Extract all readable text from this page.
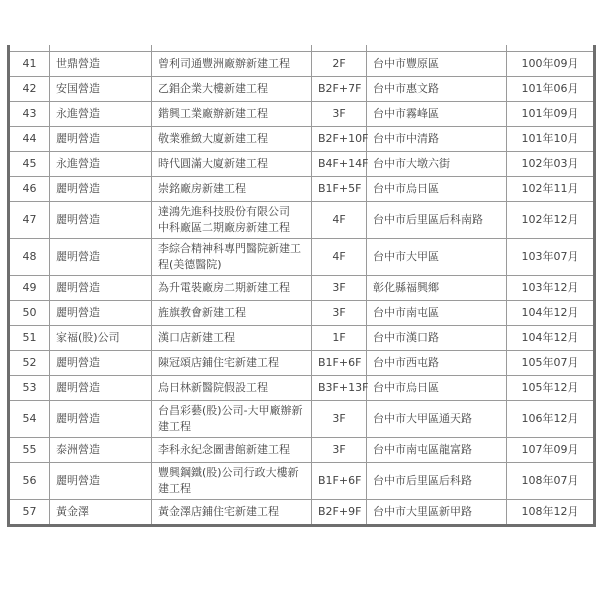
41	世鼎營造	曾利司通豐洲廠辦新建工程	2F	台中市豐原區	100年09月
42	安国營造	乙錩企業大樓新建工程	B2F+7F	台中市惠文路	101年06月
43	永進營造	鍇興工業廠辦新建工程	3F	台中市霧峰區	101年09月
44	麗明營造	敬業雅緻大廈新建工程	B2F+10F	台中市中清路	101年10月
45	永進營造	時代圓滿大廈新建工程	B4F+14F	台中市大墩六街	102年03月
46	麗明營造	崇銘廠房新建工程	B1F+5F	台中市烏日區	102年11月
47	麗明營造	達鴻先進科技股份有限公司
中科廠區二期廠房新建工程	4F	台中市后里區后科南路	102年12月
48	麗明營造	李綜合精神科專門醫院新建工程(美德醫院)	4F	台中市大甲區	103年07月
49	麗明營造	為升電裝廠房二期新建工程	3F	彰化縣福興鄉	103年12月
50	麗明營造	旌旗教會新建工程	3F	台中市南屯區	104年12月
51	家福(股)公司	漢口店新建工程	1F	台中市漢口路	104年12月
52	麗明營造	陳冠頌店鋪住宅新建工程	B1F+6F	台中市西屯路	105年07月
53	麗明營造	烏日林新醫院假設工程	B3F+13F	台中市烏日區	105年12月
54	麗明營造	台昌彩藝(股)公司-大甲廠辦新建工程	3F	台中市大甲區通天路	106年12月
55	泰洲營造	李科永紀念圖書館新建工程	3F	台中市南屯區龍富路	107年09月
56	麗明營造	豐興鋼鐵(股)公司行政大樓新建工程	B1F+6F	台中市后里區后科路	108年07月
57	黃金澤	黃金澤店鋪住宅新建工程	B2F+9F	台中市大里區新甲路	108年12月
